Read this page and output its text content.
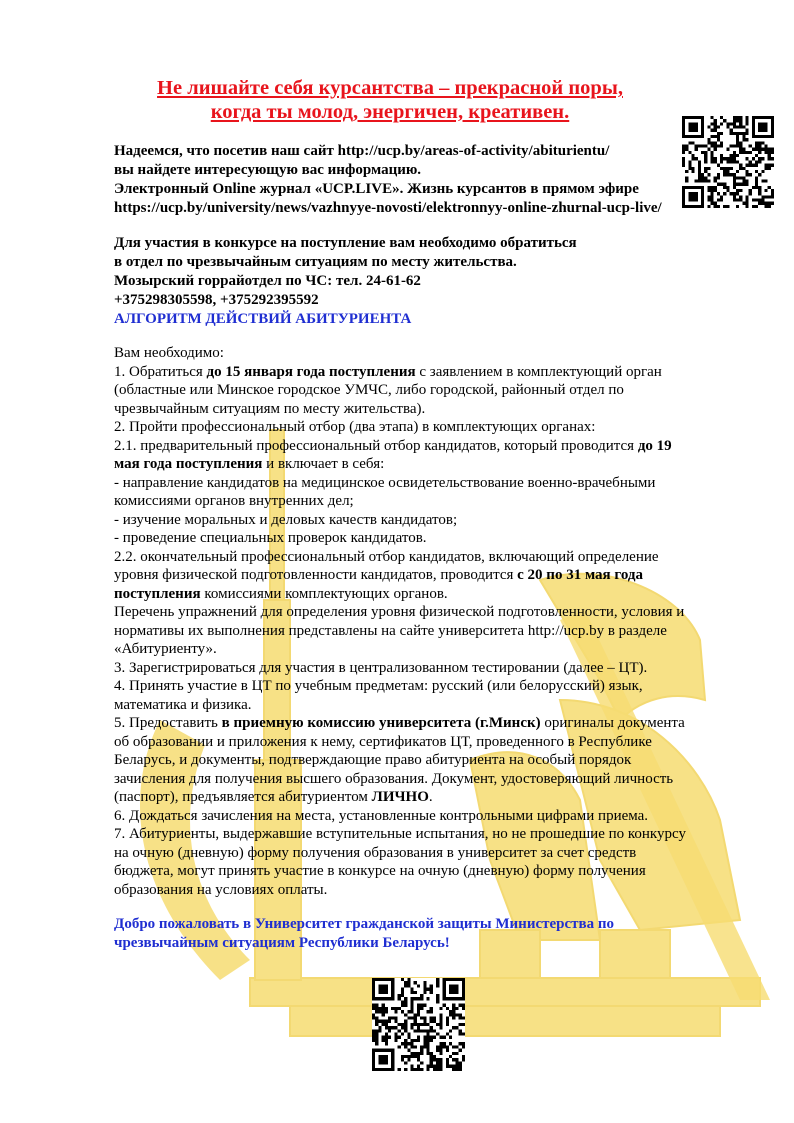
Не лишайте себя курсантства – прекрасной поры,
когда ты молод, энергичен, креативен.
Надеемся, что посетив наш сайт http://ucp.by/areas-of-activity/abiturientu/
вы найдете интересующую вас информацию.
Электронный Online журнал «UCP.LIVE». Жизнь курсантов в прямом эфире
https://ucp.by/university/news/vazhnyye-novosti/elektronnyy-online-zhurnal-ucp-live/
Для участия в конкурсе на поступление вам необходимо обратиться
в отдел по чрезвычайным ситуациям по месту жительства.
Мозырский горрайотдел по ЧС: тел. 24-61-62
+375298305598, +375292395592
АЛГОРИТМ ДЕЙСТВИЙ АБИТУРИЕНТА
Вам необходимо:
1. Обратиться до 15 января года поступления с заявлением в комплектующий орган
(областные или Минское городское УМЧС, либо городской, районный отдел по
чрезвычайным ситуациям по месту жительства).
2. Пройти профессиональный отбор (два этапа) в комплектующих органах:
2.1. предварительный профессиональный отбор кандидатов, который проводится до 19
мая года поступления и включает в себя:
- направление кандидатов на медицинское освидетельствование военно-врачебными
комиссиями органов внутренних дел;
- изучение моральных и деловых качеств кандидатов;
- проведение специальных проверок кандидатов.
2.2. окончательный профессиональный отбор кандидатов, включающий определение
уровня физической подготовленности кандидатов, проводится с 20 по 31 мая года
поступления комиссиями комплектующих органов.
Перечень упражнений для определения уровня физической подготовленности, условия и
нормативы их выполнения представлены на сайте университета http://ucp.by в разделе
«Абитуриенту».
3. Зарегистрироваться для участия в централизованном тестировании (далее – ЦТ).
4. Принять участие в ЦТ по учебным предметам: русский (или белорусский) язык,
математика и физика.
5. Предоставить в приемную комиссию университета (г.Минск) оригиналы документа
об образовании и приложения к нему, сертификатов ЦТ, проведенного в Республике
Беларусь, и документы, подтверждающие право абитуриента на особый порядок
зачисления для получения высшего образования. Документ, удостоверяющий личность
(паспорт), предъявляется абитуриентом ЛИЧНО.
6. Дождаться зачисления на места, установленные контрольными цифрами приема.
7. Абитуриенты, выдержавшие вступительные испытания, но не прошедшие по конкурсу
на очную (дневную) форму получения образования в университет за счет средств
бюджета, могут принять участие в конкурсе на очную (дневную) форму получения
образования на условиях оплаты.
Добро пожаловать в Университет гражданской защиты Министерства по
чрезвычайным ситуациям Республики Беларусь!
